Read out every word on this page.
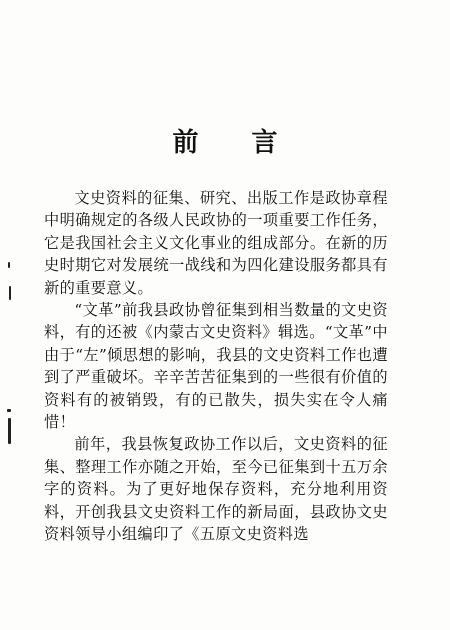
前 言

文史资料的征集、研究、出版工作是政协章程中明确规定的各级人民政协的一项重要工作任务，它是我国社会主义文化事业的组成部分。在新的历史时期它对发展统一战线和为四化建设服务都具有新的重要意义。

“文革”前我县政协曾征集到相当数量的文史资料，有的还被《内蒙古文史资料》辑选。“文革”中由于“左”倾思想的影响，我县的文史资料工作也遭到了严重破坏。辛辛苦苦征集到的一些很有价值的资料有的被销毁，有的已散失，损失实在令人痛惜！

前年，我县恢复政协工作以后，文史资料的征集、整理工作亦随之开始，至今已征集到十五万余字的资料。为了更好地保存资料，充分地利用资料，开创我县文史资料工作的新局面，县政协文史资料领导小组编印了《五原文史资料选
